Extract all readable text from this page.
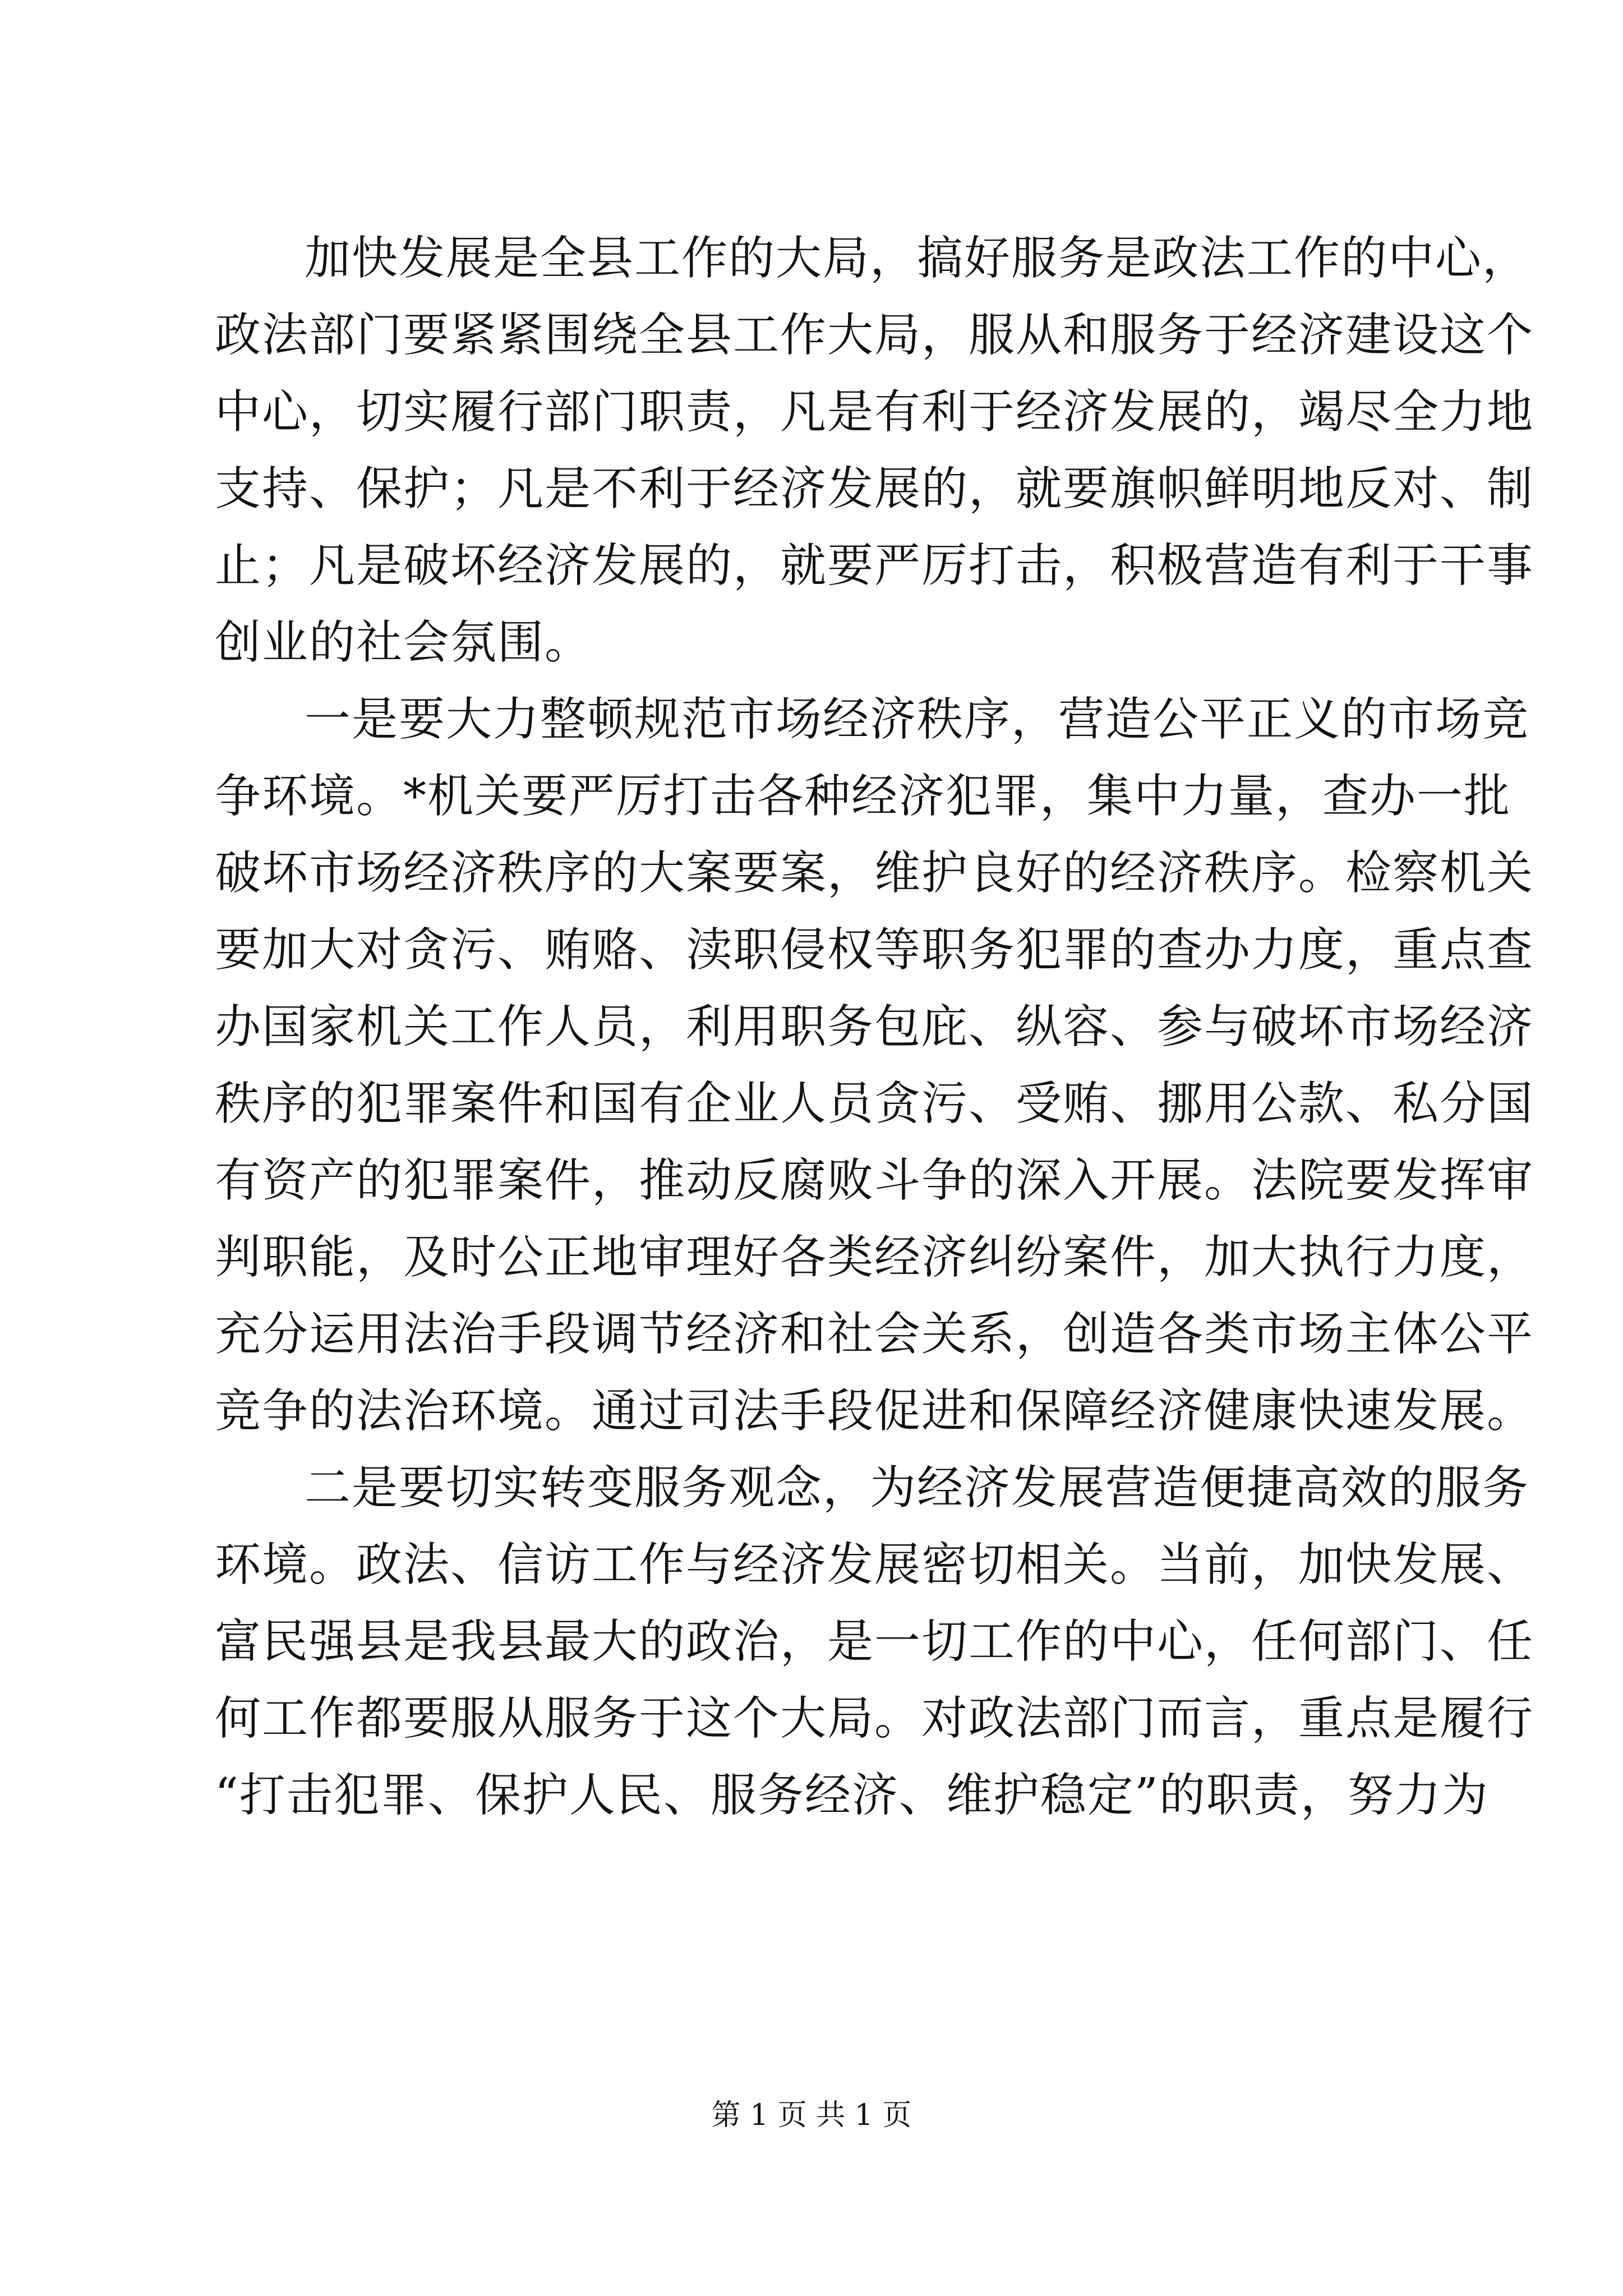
加快发展是全县工作的大局，搞好服务是政法工作的中心，
政法部门要紧紧围绕全县工作大局，服从和服务于经济建设这个
中心，切实履行部门职责，凡是有利于经济发展的，竭尽全力地
支持、保护；凡是不利于经济发展的，就要旗帜鲜明地反对、制
止；凡是破坏经济发展的，就要严厉打击，积极营造有利于干事
创业的社会氛围。
一是要大力整顿规范市场经济秩序，营造公平正义的市场竞
争环境。*机关要严厉打击各种经济犯罪，集中力量，查办一批
破坏市场经济秩序的大案要案，维护良好的经济秩序。检察机关
要加大对贪污、贿赂、渎职侵权等职务犯罪的查办力度，重点查
办国家机关工作人员，利用职务包庇、纵容、参与破坏市场经济
秩序的犯罪案件和国有企业人员贪污、受贿、挪用公款、私分国
有资产的犯罪案件，推动反腐败斗争的深入开展。法院要发挥审
判职能，及时公正地审理好各类经济纠纷案件，加大执行力度，
充分运用法治手段调节经济和社会关系，创造各类市场主体公平
竞争的法治环境。通过司法手段促进和保障经济健康快速发展。
二是要切实转变服务观念，为经济发展营造便捷高效的服务
环境。政法、信访工作与经济发展密切相关。当前，加快发展、
富民强县是我县最大的政治，是一切工作的中心，任何部门、任
何工作都要服从服务于这个大局。对政法部门而言，重点是履行
“打击犯罪、保护人民、服务经济、维护稳定”的职责，努力为
第 1 页 共 1 页
